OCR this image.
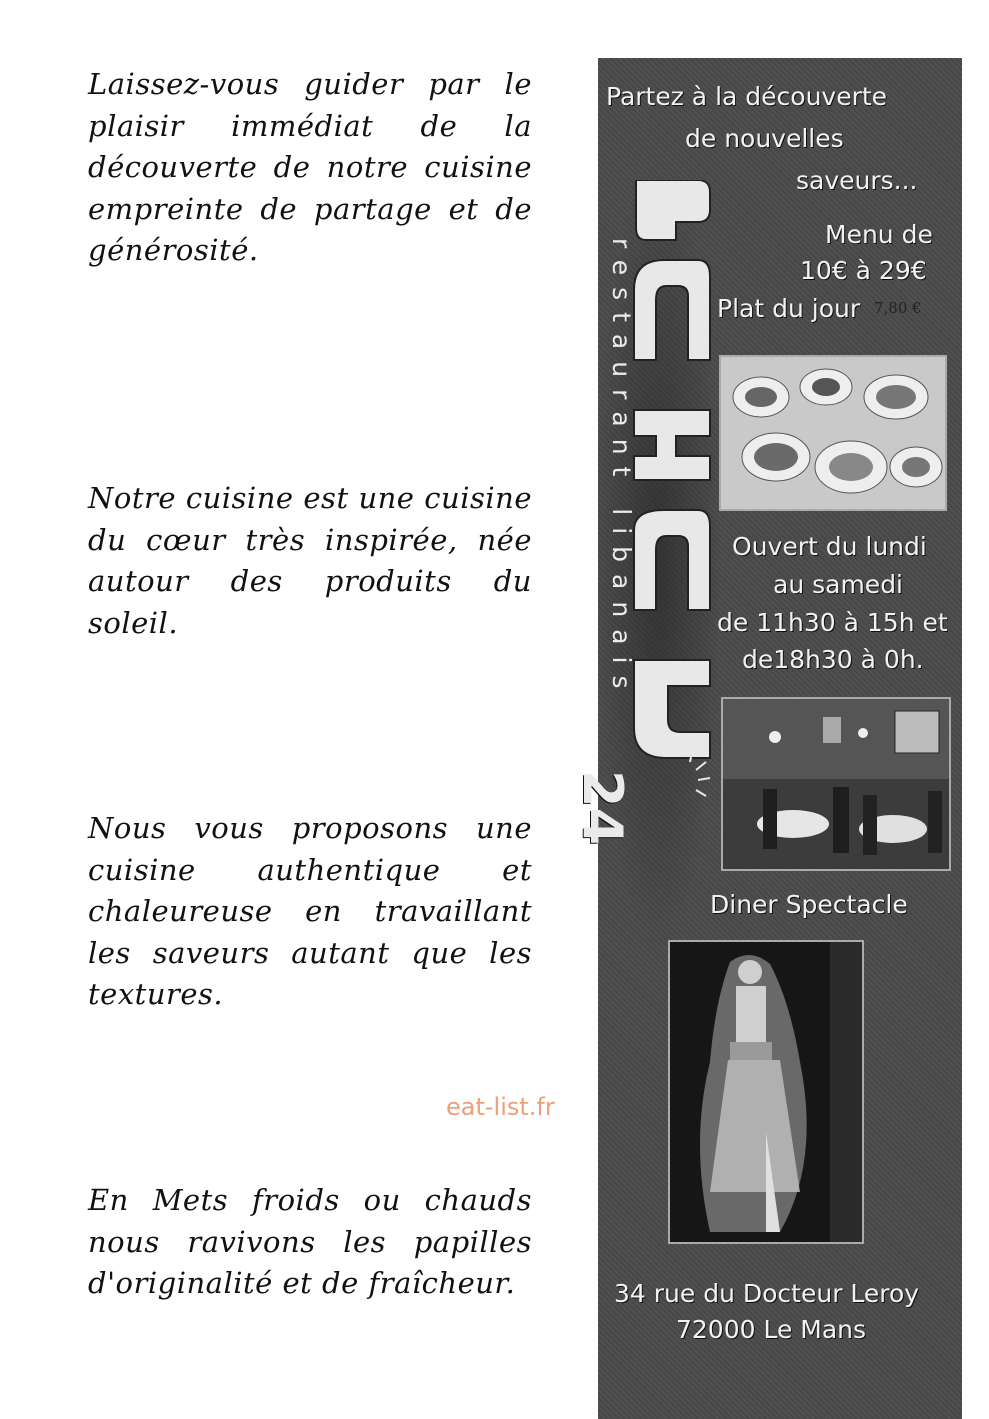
Laissez-vous guider par le plaisir immédiat de la découverte de notre cuisine empreinte de partage et de générosité.
Notre cuisine est une cuisine du cœur très inspirée, née autour des produits du soleil.
Nous vous proposons une cuisine authentique et chaleureuse en travaillant les saveurs autant que les textures.
En Mets froids ou chauds nous ravivons les papilles d'originalité et de fraîcheur.
eat-list.fr
24
restaurant libanais
Partez à la découverte
de nouvelles
saveurs...
Menu de
10€ à 29€
Plat du jour 7,80 €
Ouvert du lundi
au samedi
de 11h30 à 15h et
de18h30 à 0h.
Diner Spectacle
34 rue du Docteur Leroy
72000 Le Mans
